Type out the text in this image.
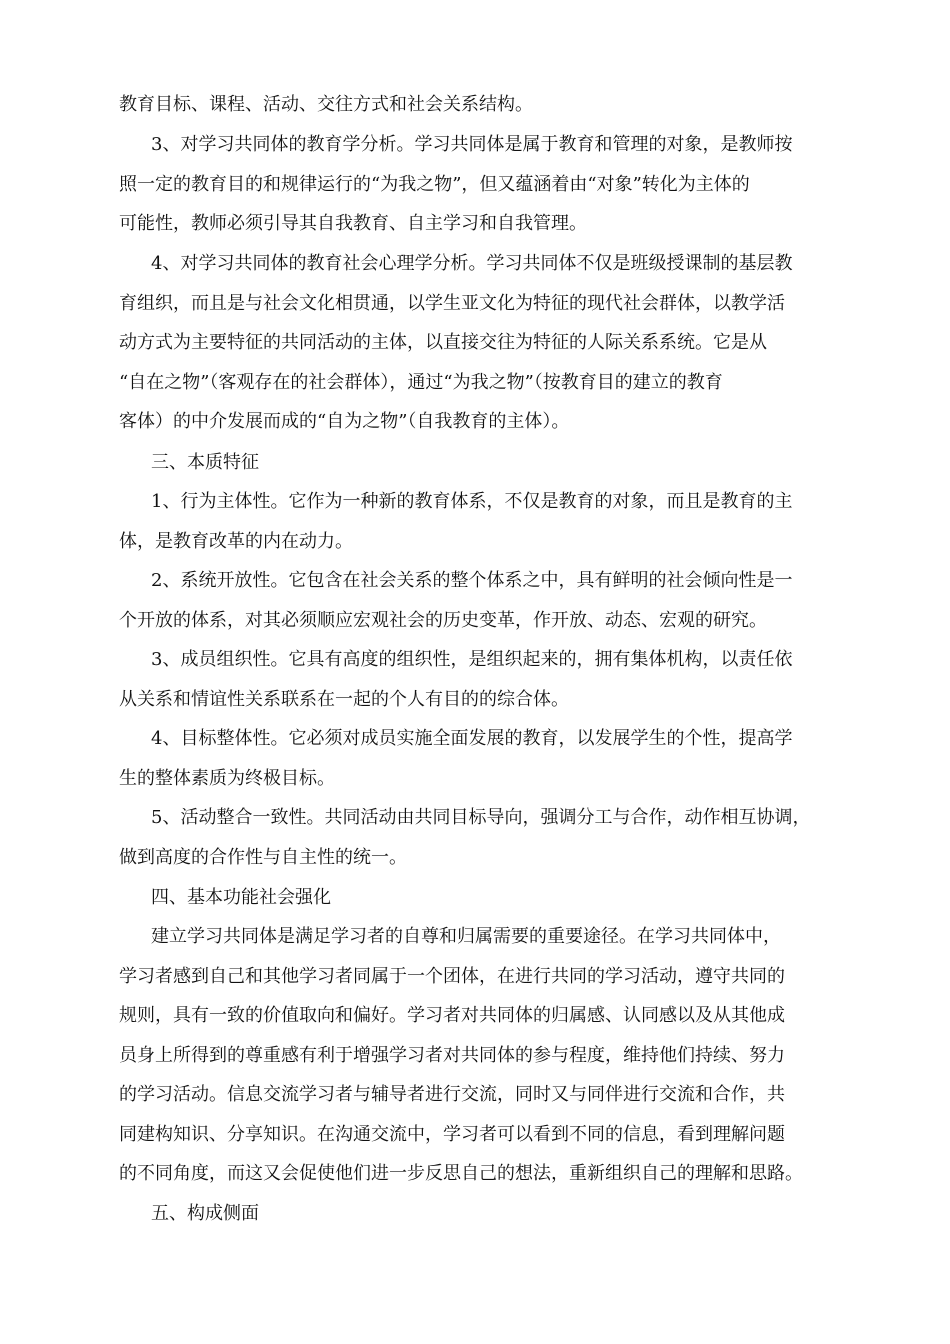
教育目标、课程、活动、交往方式和社会关系结构。
3、对学习共同体的教育学分析。学习共同体是属于教育和管理的对象，是教师按
照一定的教育目的和规律运行的“为我之物”，但又蕴涵着由“对象”转化为主体的
可能性，教师必须引导其自我教育、自主学习和自我管理。
4、对学习共同体的教育社会心理学分析。学习共同体不仅是班级授课制的基层教
育组织，而且是与社会文化相贯通，以学生亚文化为特征的现代社会群体，以教学活
动方式为主要特征的共同活动的主体，以直接交往为特征的人际关系系统。它是从
“自在之物”（客观存在的社会群体），通过“为我之物”（按教育目的建立的教育
客体）的中介发展而成的“自为之物”（自我教育的主体）。
三、本质特征
1、行为主体性。它作为一种新的教育体系，不仅是教育的对象，而且是教育的主
体，是教育改革的内在动力。
2、系统开放性。它包含在社会关系的整个体系之中，具有鲜明的社会倾向性是一
个开放的体系，对其必须顺应宏观社会的历史变革，作开放、动态、宏观的研究。
3、成员组织性。它具有高度的组织性，是组织起来的，拥有集体机构，以责任依
从关系和情谊性关系联系在一起的个人有目的的综合体。
4、目标整体性。它必须对成员实施全面发展的教育，以发展学生的个性，提高学
生的整体素质为终极目标。
5、活动整合一致性。共同活动由共同目标导向，强调分工与合作，动作相互协调，
做到高度的合作性与自主性的统一。
四、基本功能社会强化
建立学习共同体是满足学习者的自尊和归属需要的重要途径。在学习共同体中，
学习者感到自己和其他学习者同属于一个团体，在进行共同的学习活动，遵守共同的
规则，具有一致的价值取向和偏好。学习者对共同体的归属感、认同感以及从其他成
员身上所得到的尊重感有利于增强学习者对共同体的参与程度，维持他们持续、努力
的学习活动。信息交流学习者与辅导者进行交流，同时又与同伴进行交流和合作，共
同建构知识、分享知识。在沟通交流中，学习者可以看到不同的信息，看到理解问题
的不同角度，而这又会促使他们进一步反思自己的想法，重新组织自己的理解和思路。
五、构成侧面
